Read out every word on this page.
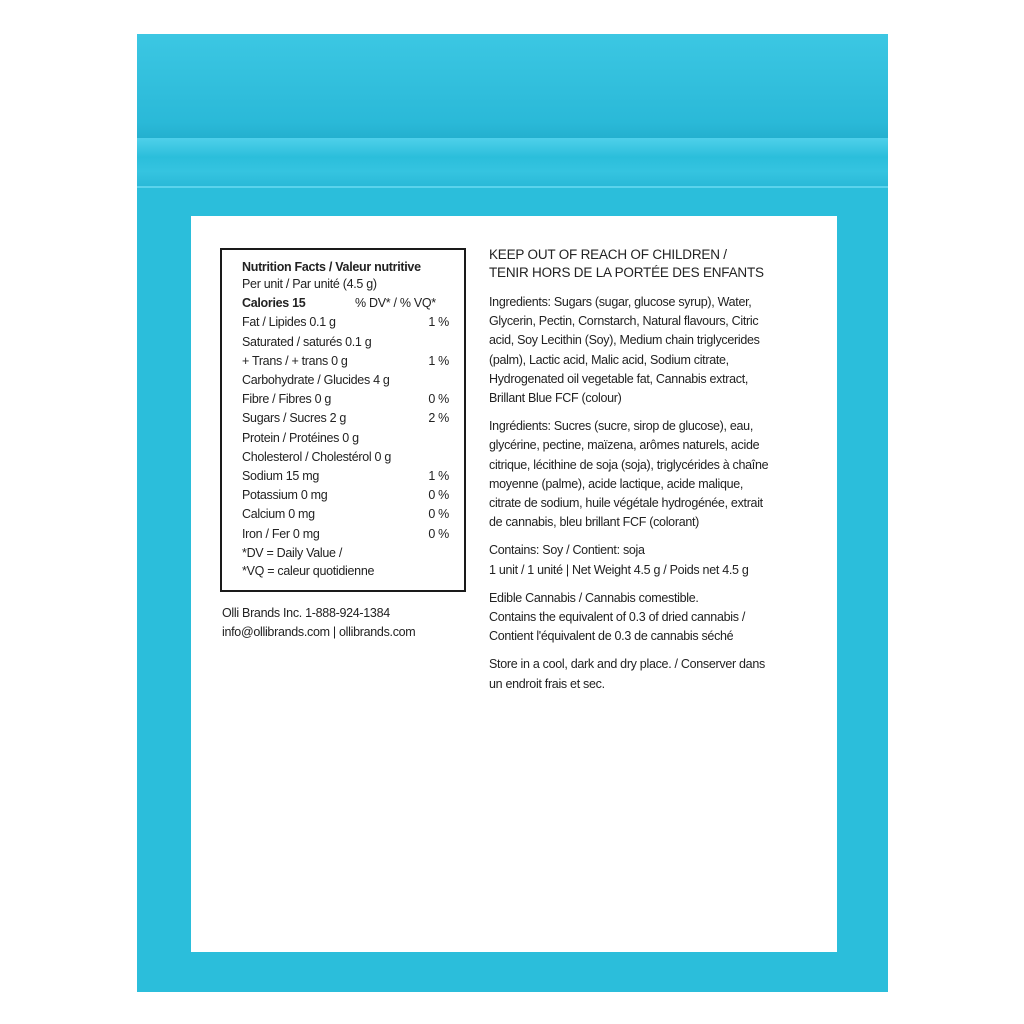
Nutrition Facts / Valeur nutritive
Per unit / Par unité (4.5 g)
Calories 15	% DV* / % VQ*
Fat / Lipides 0.1 g	1 %
Saturated / saturés 0.1 g
+ Trans / + trans 0 g	1 %
Carbohydrate / Glucides 4 g
Fibre / Fibres 0 g	0 %
Sugars / Sucres 2 g	2 %
Protein / Protéines 0 g
Cholesterol / Cholestérol 0 g
Sodium 15 mg	1 %
Potassium 0 mg	0 %
Calcium 0 mg	0 %
Iron / Fer 0 mg	0 %
*DV = Daily Value /
*VQ = caleur quotidienne
Olli Brands Inc. 1-888-924-1384
info@ollibrands.com | ollibrands.com
KEEP OUT OF REACH OF CHILDREN /
TENIR HORS DE LA PORTÉE DES ENFANTS
Ingredients: Sugars (sugar, glucose syrup), Water,
Glycerin, Pectin, Cornstarch, Natural flavours, Citric
acid, Soy Lecithin (Soy), Medium chain triglycerides
(palm), Lactic acid, Malic acid, Sodium citrate,
Hydrogenated oil vegetable fat, Cannabis extract,
Brillant Blue FCF (colour)
Ingrédients: Sucres (sucre, sirop de glucose), eau,
glycérine, pectine, maïzena, arômes naturels, acide
citrique, lécithine de soja (soja), triglycérides à chaîne
moyenne (palme), acide lactique, acide malique,
citrate de sodium, huile végétale hydrogénée, extrait
de cannabis, bleu brillant FCF (colorant)
Contains: Soy / Contient: soja
1 unit / 1 unité | Net Weight 4.5 g / Poids net 4.5 g
Edible Cannabis / Cannabis comestible.
Contains the equivalent of 0.3 of dried cannabis /
Contient l'équivalent de 0.3 de cannabis séché
Store in a cool, dark and dry place. / Conserver dans
un endroit frais et sec.
